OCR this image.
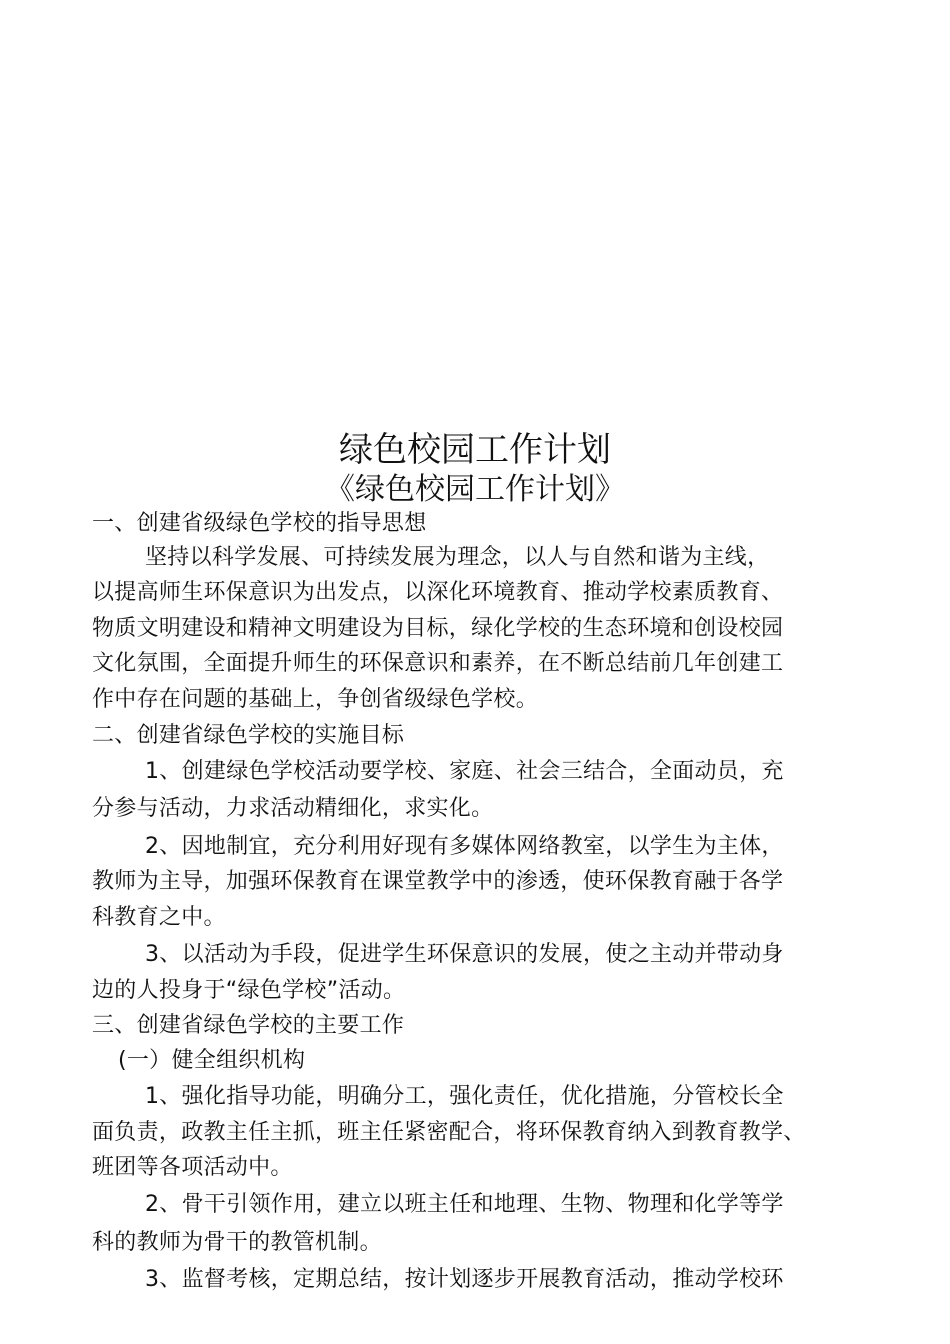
绿色校园工作计划
《绿色校园工作计划》
一、创建省级绿色学校的指导思想
坚持以科学发展、可持续发展为理念，以人与自然和谐为主线，
以提高师生环保意识为出发点，以深化环境教育、推动学校素质教育、
物质文明建设和精神文明建设为目标，绿化学校的生态环境和创设校园
文化氛围，全面提升师生的环保意识和素养，在不断总结前几年创建工
作中存在问题的基础上，争创省级绿色学校。
二、创建省绿色学校的实施目标
1、创建绿色学校活动要学校、家庭、社会三结合，全面动员，充
分参与活动，力求活动精细化，求实化。
2、因地制宜，充分利用好现有多媒体网络教室，以学生为主体，
教师为主导，加强环保教育在课堂教学中的渗透，使环保教育融于各学
科教育之中。
3、以活动为手段，促进学生环保意识的发展，使之主动并带动身
边的人投身于“绿色学校”活动。
三、创建省绿色学校的主要工作
(一）健全组织机构
1、强化指导功能，明确分工，强化责任，优化措施，分管校长全
面负责，政教主任主抓，班主任紧密配合，将环保教育纳入到教育教学、
班团等各项活动中。
2、骨干引领作用，建立以班主任和地理、生物、物理和化学等学
科的教师为骨干的教管机制。
3、监督考核，定期总结，按计划逐步开展教育活动，推动学校环
